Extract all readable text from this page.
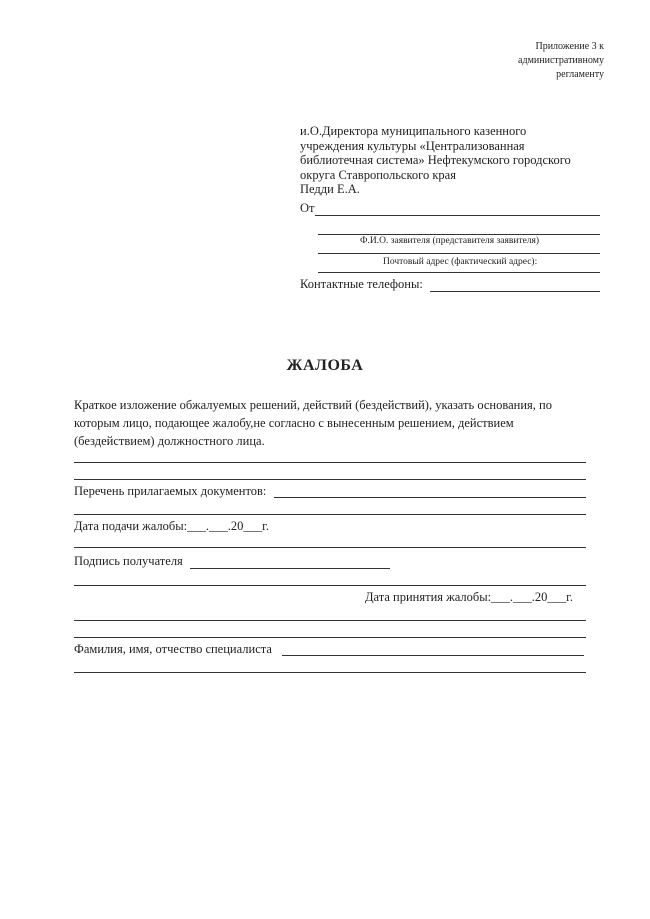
Приложение 3 к
административному
регламенту
и.О.Директора муниципального казенного
учреждения культуры «Централизованная
библиотечная система» Нефтекумского городского
округа Ставропольского края
Педди Е.А.
От
Ф.И.О. заявителя (представителя заявителя)
Почтовый адрес (фактический адрес):
Контактные телефоны:
ЖАЛОБА
Краткое изложение обжалуемых решений, действий (бездействий), указать основания, по
которым лицо, подающее жалобу,не согласно с вынесенным решением, действием
(бездействием) должностного лица.
Перечень прилагаемых документов:
Дата подачи жалобы:___.___.20___г.
Подпись получателя
Дата принятия жалобы:___.___.20___г.
Фамилия, имя, отчество специалиста
